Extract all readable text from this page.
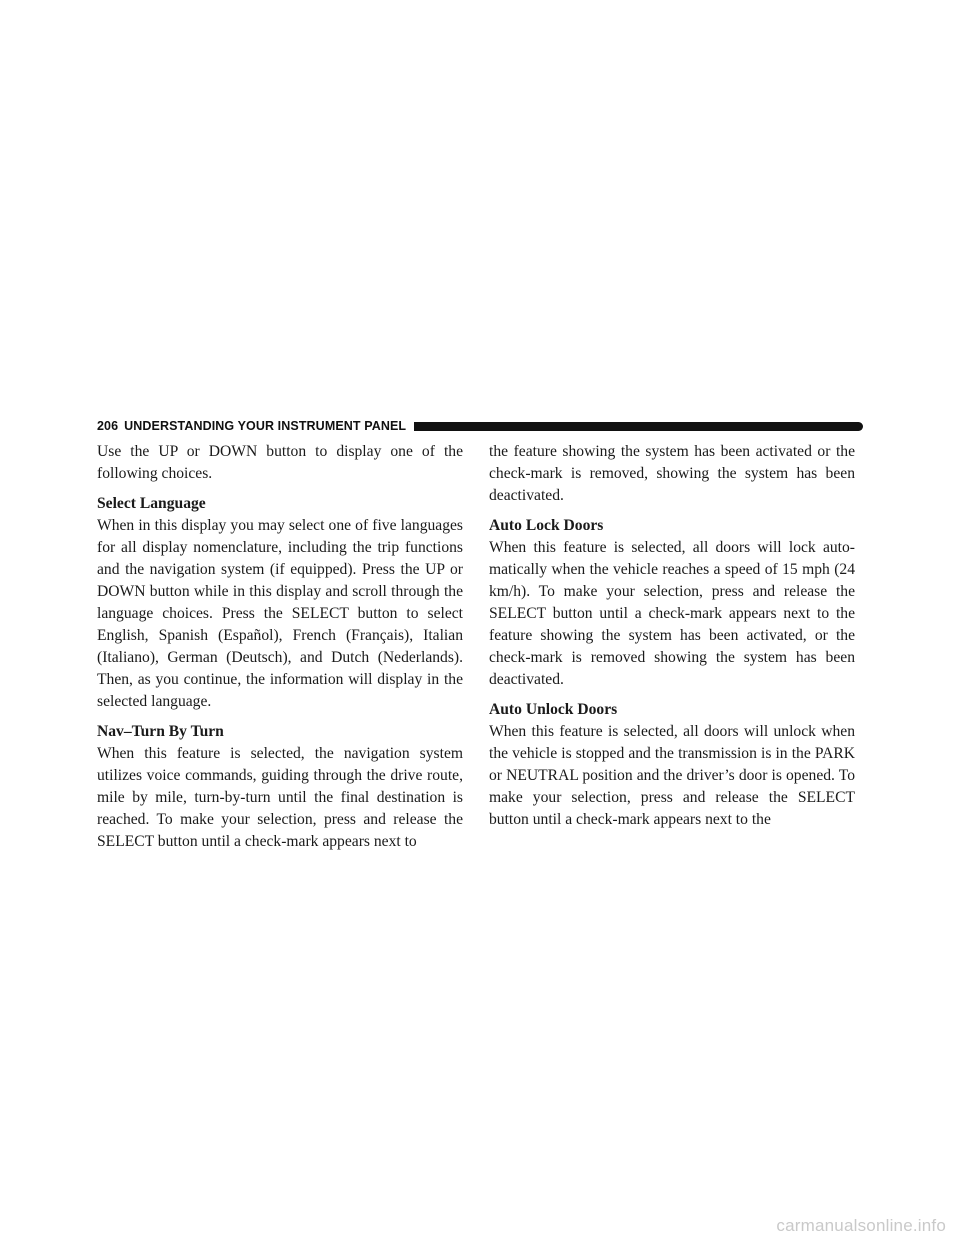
206 UNDERSTANDING YOUR INSTRUMENT PANEL

Use the UP or DOWN button to display one of the following choices.

Select Language

When in this display you may select one of five languages for all display nomenclature, including the trip functions and the navigation system (if equipped). Press the UP or DOWN button while in this display and scroll through the language choices. Press the SELECT button to select English, Spanish (Español), French (Français), Italian (Italiano), German (Deutsch), and Dutch (Nederlands). Then, as you continue, the information will display in the selected language.

Nav–Turn By Turn

When this feature is selected, the navigation system utilizes voice commands, guiding through the drive route, mile by mile, turn-by-turn until the final destination is reached. To make your selection, press and release the SELECT button until a check-mark appears next to

the feature showing the system has been activated or the check-mark is removed, showing the system has been deactivated.

Auto Lock Doors

When this feature is selected, all doors will lock automatically when the vehicle reaches a speed of 15 mph (24 km/h). To make your selection, press and release the SELECT button until a check-mark appears next to the feature showing the system has been activated, or the check-mark is removed showing the system has been deactivated.

Auto Unlock Doors

When this feature is selected, all doors will unlock when the vehicle is stopped and the transmission is in the PARK or NEUTRAL position and the driver’s door is opened. To make your selection, press and release the SELECT button until a check-mark appears next to the

carmanualsonline.info
